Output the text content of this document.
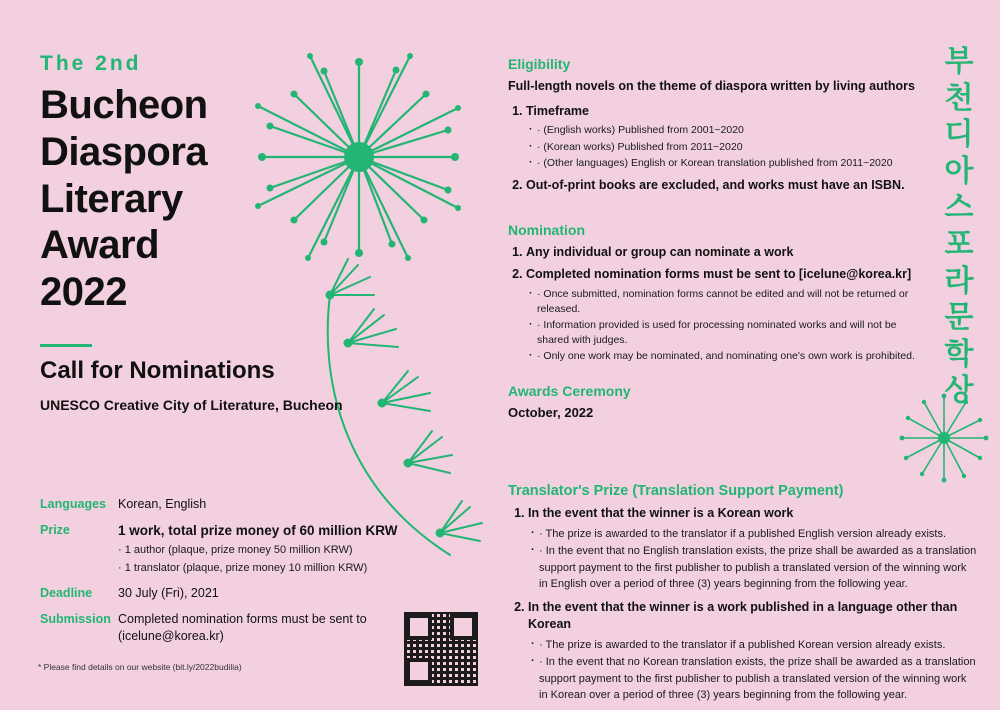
The 2nd
Bucheon
Diaspora
Literary
Award
2022
Call for Nominations
UNESCO Creative City of Literature, Bucheon
Languages Korean, English
Prize	1 work, total prize money of 60 million KRW
· 1 author (plaque, prize money 50 million KRW)
· 1 translator (plaque, prize money 10 million KRW)
Deadline	30 July (Fri), 2021
Submission Completed nomination forms must be sent to
(icelune@korea.kr)
* Please find details on our website (bit.ly/2022budilia)
Eligibility
Full-length novels on the theme of diaspora written by living authors
1. Timeframe
· · (English works) Published from 2001~2020
· · (Korean works) Published from 2011~2020
· · (Other languages) English or Korean translation published from 2011~2020
2. Out-of-print books are excluded, and works must have an ISBN.
Nomination
1. Any individual or group can nominate a work
2. Completed nomination forms must be sent to [icelune@korea.kr]
· · Once submitted, nomination forms cannot be edited and will not be returned or released.
· · Information provided is used for processing nominated works and will not be shared with judges.
· · Only one work may be nominated, and nominating one's own work is prohibited.
Awards Ceremony
October, 2022
Translator's Prize (Translation Support Payment)
1. In the event that the winner is a Korean work
· · The prize is awarded to the translator if a published English version already exists.
· · In the event that no English translation exists, the prize shall be awarded as a translation support payment to the first publisher to publish a translated version of the winning work in English over a period of three (3) years beginning from the following year.
2. In the event that the winner is a work published in a language other than Korean
· · The prize is awarded to the translator if a published Korean version already exists.
· · In the event that no Korean translation exists, the prize shall be awarded as a translation support payment to the first publisher to publish a translated version of the winning work in Korean over a period of three (3) years beginning from the following year.
부
천
디
아
스
포
라
문
학
상
